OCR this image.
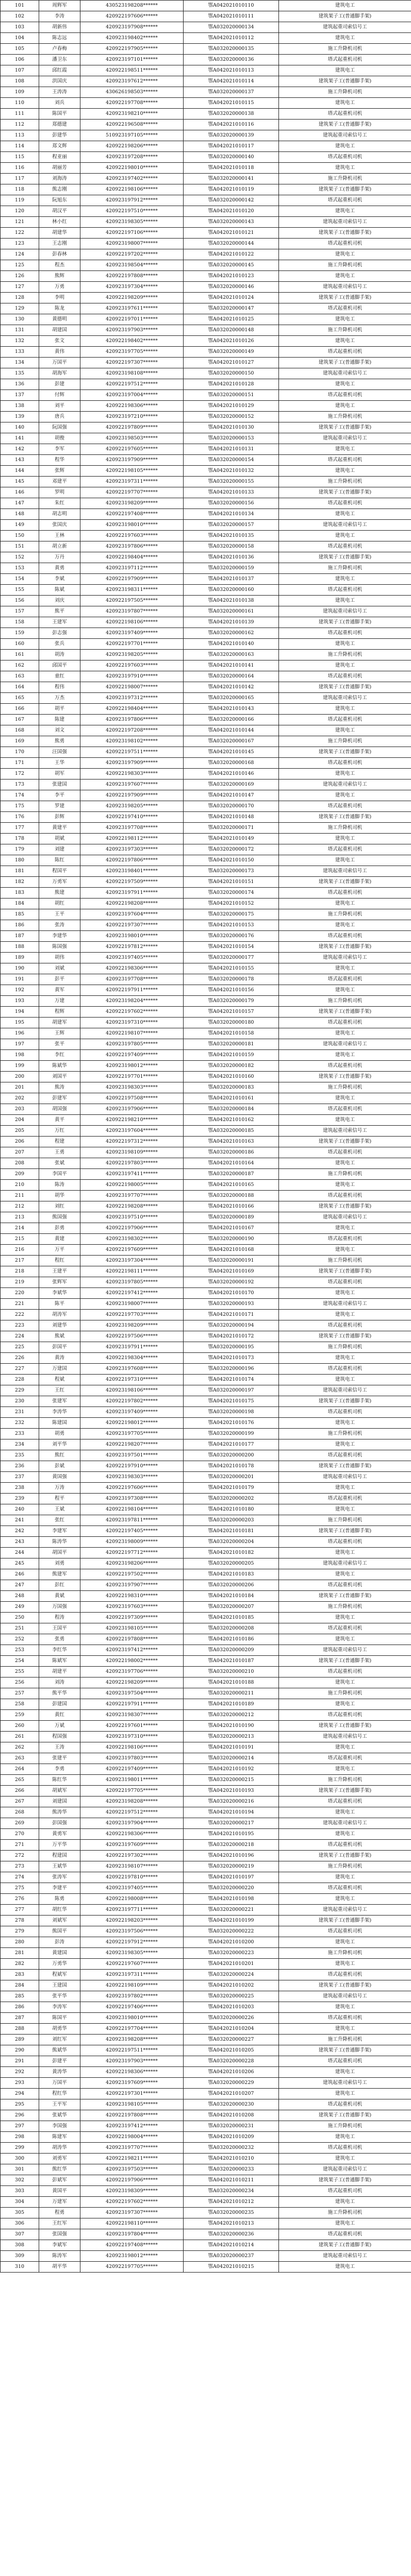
101	周辉军	430523198208******	鄂A042021010110	建筑电工
102	李涛	420922197606******	鄂A042021010111	建筑架子工(普通脚手架)
103	胡新伟	420923197908******	鄂A032020000134	建筑起重司索信号工
104	陈志远	420923198402******	鄂A042021010112	建筑电工
105	卢春梅	420922197905******	鄂A032020000135	施工升降机司机
106	潘卫东	420923197101******	鄂A032020000136	塔式起重机司机
107	邱红霞	420922198511******	鄂A042021010113	建筑电工
108	洪国庆	420923197612******	鄂A042021010114	建筑架子工(普通脚手架)
109	王涛涛	430626198503******	鄂A032020000137	施工升降机司机
110	刘兵	420922197708******	鄂A042021010115	建筑电工
111	陈国平	420923198210******	鄂A032020000138	塔式起重机司机
112	郑德建	420922196508******	鄂A042021010116	建筑架子工(普通脚手架)
113	彭建华	510923197105******	鄂A032020000139	建筑起重司索信号工
114	郑文辉	420922198206******	鄂A042021010117	建筑电工
115	程亚丽	420923197208******	鄂A032020000140	塔式起重机司机
116	胡丽芳	420922198010******	鄂A042021010118	建筑电工
117	刘海涛	420923197402******	鄂A032020000141	施工升降机司机
118	熊志刚	420922198106******	鄂A042021010119	建筑架子工(普通脚手架)
119	阮旭东	420923197912******	鄂A032020000142	塔式起重机司机
120	胡汉平	420922197510******	鄂A042021010120	建筑电工
121	林小红	420923198305******	鄂A032020000143	建筑起重司索信号工
122	胡建华	420922197106******	鄂A042021010121	建筑架子工(普通脚手架)
123	王志刚	420923198007******	鄂A032020000144	塔式起重机司机
124	彭春林	420922197202******	鄂A042021010122	建筑电工
125	程杰	420923198504******	鄂A032020000145	施工升降机司机
126	熊辉	420922197808******	鄂A042021010123	建筑电工
127	万勇	420923197304******	鄂A032020000146	建筑起重司索信号工
128	李明	420922198209******	鄂A042021010124	建筑架子工(普通脚手架)
129	陈龙	420923197611******	鄂A032020000147	塔式起重机司机
130	黄德明	420922197011******	鄂A042021010125	建筑电工
131	胡建国	420923197903******	鄂A032020000148	施工升降机司机
132	张文	420922198402******	鄂A042021010126	建筑电工
133	黄伟	420923197705******	鄂A032020000149	塔式起重机司机
134	万国平	420922197307******	鄂A042021010127	建筑架子工(普通脚手架)
135	胡海军	420923198108******	鄂A032020000150	建筑起重司索信号工
136	彭建	420922197512******	鄂A042021010128	建筑电工
137	付辉	420923197004******	鄂A032020000151	塔式起重机司机
138	刘平	420922198306******	鄂A042021010129	建筑电工
139	唐兵	420923197210******	鄂A032020000152	施工升降机司机
140	阮国强	420922197809******	鄂A042021010130	建筑架子工(普通脚手架)
141	胡俊	420923198503******	鄂A032020000153	建筑起重司索信号工
142	李军	420922197605******	鄂A042021010131	建筑电工
143	程华	420923197909******	鄂A032020000154	塔式起重机司机
144	张辉	420922198105******	鄂A042021010132	建筑电工
145	邓建平	420923197311******	鄂A032020000155	施工升降机司机
146	罗明	420922197707******	鄂A042021010133	建筑架子工(普通脚手架)
147	朱红	420923198209******	鄂A032020000156	塔式起重机司机
148	胡志明	420922197408******	鄂A042021010134	建筑电工
149	张国庆	420923198010******	鄂A032020000157	建筑起重司索信号工
150	王林	420922197603******	鄂A042021010135	建筑电工
151	胡立新	420923197806******	鄂A032020000158	塔式起重机司机
152	万丹	420922198404******	鄂A042021010136	建筑架子工(普通脚手架)
153	黄勇	420923197112******	鄂A032020000159	施工升降机司机
154	李斌	420922197909******	鄂A042021010137	建筑电工
155	陈斌	420923198311******	鄂A032020000160	塔式起重机司机
156	刘庆	420922197505******	鄂A042021010138	建筑电工
157	熊平	420923197807******	鄂A032020000161	建筑起重司索信号工
158	王建军	420922198106******	鄂A042021010139	建筑架子工(普通脚手架)
159	彭志强	420923197409******	鄂A032020000162	塔式起重机司机
160	张兵	420922197701******	鄂A042021010140	建筑电工
161	胡涛	420923198205******	鄂A032020000163	施工升降机司机
162	邱国平	420922197603******	鄂A042021010141	建筑电工
163	童红	420923197910******	鄂A032020000164	塔式起重机司机
164	程伟	420922198007******	鄂A042021010142	建筑架子工(普通脚手架)
165	万杰	420923197312******	鄂A032020000165	建筑起重司索信号工
166	胡平	420922198404******	鄂A042021010143	建筑电工
167	陈建	420923197806******	鄂A032020000166	塔式起重机司机
168	刘文	420922197208******	鄂A042021010144	建筑电工
169	熊勇	420923198102******	鄂A032020000167	施工升降机司机
170	汪国强	420922197511******	鄂A042021010145	建筑架子工(普通脚手架)
171	王华	420923197909******	鄂A032020000168	塔式起重机司机
172	胡军	420922198303******	鄂A042021010146	建筑电工
173	张建国	420923197607******	鄂A032020000169	建筑起重司索信号工
174	李平	420922197909******	鄂A042021010147	建筑电工
175	罗建	420923198205******	鄂A032020000170	塔式起重机司机
176	彭辉	420922197410******	鄂A042021010148	建筑架子工(普通脚手架)
177	黄建平	420923197708******	鄂A032020000171	施工升降机司机
178	胡斌	420922198112******	鄂A042021010149	建筑电工
179	刘建	420923197303******	鄂A032020000172	塔式起重机司机
180	陈红	420922197806******	鄂A042021010150	建筑电工
181	程国平	420923198401******	鄂A032020000173	建筑起重司索信号工
182	万勇军	420922197509******	鄂A042021010151	建筑架子工(普通脚手架)
183	熊建	420923197911******	鄂A032020000174	塔式起重机司机
184	胡红	420922198208******	鄂A042021010152	建筑电工
185	王平	420923197604******	鄂A032020000175	施工升降机司机
186	张涛	420922197307******	鄂A042021010153	建筑电工
187	李建华	420923198010******	鄂A032020000176	塔式起重机司机
188	陈国强	420922197812******	鄂A042021010154	建筑架子工(普通脚手架)
189	胡伟	420923197405******	鄂A032020000177	建筑起重司索信号工
190	刘斌	420922198306******	鄂A042021010155	建筑电工
191	彭平	420923197708******	鄂A032020000178	塔式起重机司机
192	黄军	420922197911******	鄂A042021010156	建筑电工
193	万建	420923198204******	鄂A032020000179	施工升降机司机
194	程辉	420922197602******	鄂A042021010157	建筑架子工(普通脚手架)
195	胡建军	420923197310******	鄂A032020000180	塔式起重机司机
196	王辉	420922198107******	鄂A042021010158	建筑电工
197	张平	420923197805******	鄂A032020000181	建筑起重司索信号工
198	李红	420922197409******	鄂A042021010159	建筑电工
199	陈斌华	420923198012******	鄂A032020000182	塔式起重机司机
200	刘国平	420922197701******	鄂A042021010160	建筑架子工(普通脚手架)
201	熊涛	420923198303******	鄂A032020000183	施工升降机司机
202	彭建军	420922197508******	鄂A042021010161	建筑电工
203	胡国强	420923197906******	鄂A032020000184	塔式起重机司机
204	黄平	420922198210******	鄂A042021010162	建筑电工
205	万红	420923197604******	鄂A032020000185	建筑起重司索信号工
206	程建	420922197312******	鄂A042021010163	建筑架子工(普通脚手架)
207	王勇	420923198109******	鄂A032020000186	塔式起重机司机
208	张斌	420922197803******	鄂A042021010164	建筑电工
209	李国平	420923197411******	鄂A032020000187	施工升降机司机
210	陈涛	420922198005******	鄂A042021010165	建筑电工
211	胡华	420923197707******	鄂A032020000188	塔式起重机司机
212	刘红	420922198208******	鄂A042021010166	建筑架子工(普通脚手架)
213	熊国强	420923197510******	鄂A032020000189	建筑起重司索信号工
214	彭勇	420922197906******	鄂A042021010167	建筑电工
215	黄建	420923198302******	鄂A032020000190	塔式起重机司机
216	万平	420922197609******	鄂A042021010168	建筑电工
217	程红	420923197304******	鄂A032020000191	施工升降机司机
218	王建平	420922198111******	鄂A042021010169	建筑架子工(普通脚手架)
219	张辉军	420923197805******	鄂A032020000192	塔式起重机司机
220	李斌华	420922197412******	鄂A042021010170	建筑电工
221	陈平	420923198007******	鄂A032020000193	建筑起重司索信号工
222	胡涛军	420922197703******	鄂A042021010171	建筑电工
223	刘建华	420923198209******	鄂A032020000194	塔式起重机司机
224	熊斌	420922197506******	鄂A042021010172	建筑架子工(普通脚手架)
225	彭国平	420923197911******	鄂A032020000195	施工升降机司机
226	黄涛	420922198304******	鄂A042021010173	建筑电工
227	万建国	420923197608******	鄂A032020000196	塔式起重机司机
228	程斌	420922197310******	鄂A042021010174	建筑电工
229	王红	420923198106******	鄂A032020000197	建筑起重司索信号工
230	张建军	420922197802******	鄂A042021010175	建筑架子工(普通脚手架)
231	李涛华	420923197409******	鄂A032020000198	塔式起重机司机
232	陈建国	420922198012******	鄂A042021010176	建筑电工
233	胡勇	420923197705******	鄂A032020000199	施工升降机司机
234	刘平华	420922198207******	鄂A042021010177	建筑电工
235	熊红	420923197501******	鄂A032020000200	塔式起重机司机
236	彭斌	420922197910******	鄂A042021010178	建筑架子工(普通脚手架)
237	黄国强	420923198303******	鄂A032020000201	建筑起重司索信号工
238	万涛	420922197606******	鄂A042021010179	建筑电工
239	程平	420923197308******	鄂A032020000202	塔式起重机司机
240	王斌	420922198104******	鄂A042021010180	建筑电工
241	张红	420923197811******	鄂A032020000203	施工升降机司机
242	李建军	420922197405******	鄂A042021010181	建筑架子工(普通脚手架)
243	陈涛华	420923198009******	鄂A032020000204	塔式起重机司机
244	胡国平	420922197712******	鄂A042021010182	建筑电工
245	刘勇	420923198206******	鄂A032020000205	建筑起重司索信号工
246	熊建军	420922197502******	鄂A042021010183	建筑电工
247	彭红	420923197907******	鄂A032020000206	塔式起重机司机
248	黄斌	420922198310******	鄂A042021010184	建筑架子工(普通脚手架)
249	万国强	420923197603******	鄂A032020000207	施工升降机司机
250	程涛	420922197309******	鄂A042021010185	建筑电工
251	王国平	420923198105******	鄂A032020000208	塔式起重机司机
252	张勇	420922197808******	鄂A042021010186	建筑电工
253	李红华	420923197412******	鄂A032020000209	建筑起重司索信号工
254	陈斌军	420922198002******	鄂A042021010187	建筑架子工(普通脚手架)
255	胡建平	420923197706******	鄂A032020000210	塔式起重机司机
256	刘涛	420922198209******	鄂A042021010188	建筑电工
257	熊平华	420923197504******	鄂A032020000211	施工升降机司机
258	彭建国	420922197911******	鄂A042021010189	建筑电工
259	黄红	420923198307******	鄂A032020000212	塔式起重机司机
260	万斌	420922197601******	鄂A042021010190	建筑架子工(普通脚手架)
261	程国强	420923197310******	鄂A032020000213	建筑起重司索信号工
262	王涛	420922198106******	鄂A042021010191	建筑电工
263	张建平	420923197803******	鄂A032020000214	塔式起重机司机
264	李勇	420922197409******	鄂A042021010192	建筑电工
265	陈红华	420923198011******	鄂A032020000215	施工升降机司机
266	胡斌军	420922197705******	鄂A042021010193	建筑架子工(普通脚手架)
267	刘建国	420923198208******	鄂A032020000216	塔式起重机司机
268	熊涛华	420922197512******	鄂A042021010194	建筑电工
269	彭国强	420923197904******	鄂A032020000217	建筑起重司索信号工
270	黄勇军	420922198306******	鄂A042021010195	建筑电工
271	万平华	420923197609******	鄂A032020000218	塔式起重机司机
272	程建国	420922197302******	鄂A042021010196	建筑架子工(普通脚手架)
273	王斌华	420923198107******	鄂A032020000219	施工升降机司机
274	张涛军	420922197810******	鄂A042021010197	建筑电工
275	李建平	420923197405******	鄂A032020000220	塔式起重机司机
276	陈勇	420922198008******	鄂A042021010198	建筑电工
277	胡红华	420923197711******	鄂A032020000221	建筑起重司索信号工
278	刘斌军	420922198203******	鄂A042021010199	建筑架子工(普通脚手架)
279	熊国平	420923197506******	鄂A032020000222	塔式起重机司机
280	彭涛	420922197912******	鄂A042021010200	建筑电工
281	黄建国	420923198305******	鄂A032020000223	施工升降机司机
282	万勇华	420922197607******	鄂A042021010201	建筑电工
283	程斌军	420923197311******	鄂A032020000224	塔式起重机司机
284	王建国	420922198109******	鄂A042021010202	建筑架子工(普通脚手架)
285	张平华	420923197802******	鄂A032020000225	建筑起重司索信号工
286	李涛军	420922197406******	鄂A042021010203	建筑电工
287	陈国平	420923198010******	鄂A032020000226	塔式起重机司机
288	胡勇华	420922197704******	鄂A042021010204	建筑电工
289	刘红军	420923198208******	鄂A032020000227	施工升降机司机
290	熊斌华	420922197511******	鄂A042021010205	建筑架子工(普通脚手架)
291	彭建平	420923197903******	鄂A032020000228	塔式起重机司机
292	黄涛华	420922198306******	鄂A042021010206	建筑电工
293	万国平	420923197609******	鄂A032020000229	建筑起重司索信号工
294	程红华	420922197301******	鄂A042021010207	建筑电工
295	王平军	420923198105******	鄂A032020000230	塔式起重机司机
296	张斌华	420922197808******	鄂A042021010208	建筑架子工(普通脚手架)
297	李国强	420923197412******	鄂A032020000231	施工升降机司机
298	陈建军	420922198004******	鄂A042021010209	建筑电工
299	胡涛华	420923197707******	鄂A032020000232	塔式起重机司机
300	刘勇军	420922198211******	鄂A042021010210	建筑电工
301	熊红华	420923197503******	鄂A032020000233	建筑起重司索信号工
302	彭斌军	420922197906******	鄂A042021010211	建筑架子工(普通脚手架)
303	黄国平	420923198309******	鄂A032020000234	塔式起重机司机
304	万建军	420922197602******	鄂A042021010212	建筑电工
305	程勇	420923197307******	鄂A032020000235	施工升降机司机
306	王红军	420922198110******	鄂A042021010213	建筑电工
307	张国强	420923197804******	鄂A032020000236	塔式起重机司机
308	李斌军	420922197408******	鄂A042021010214	建筑架子工(普通脚手架)
309	陈涛军	420923198012******	鄂A032020000237	建筑起重司索信号工
310	胡平华	420922197705******	鄂A042021010215	建筑电工
